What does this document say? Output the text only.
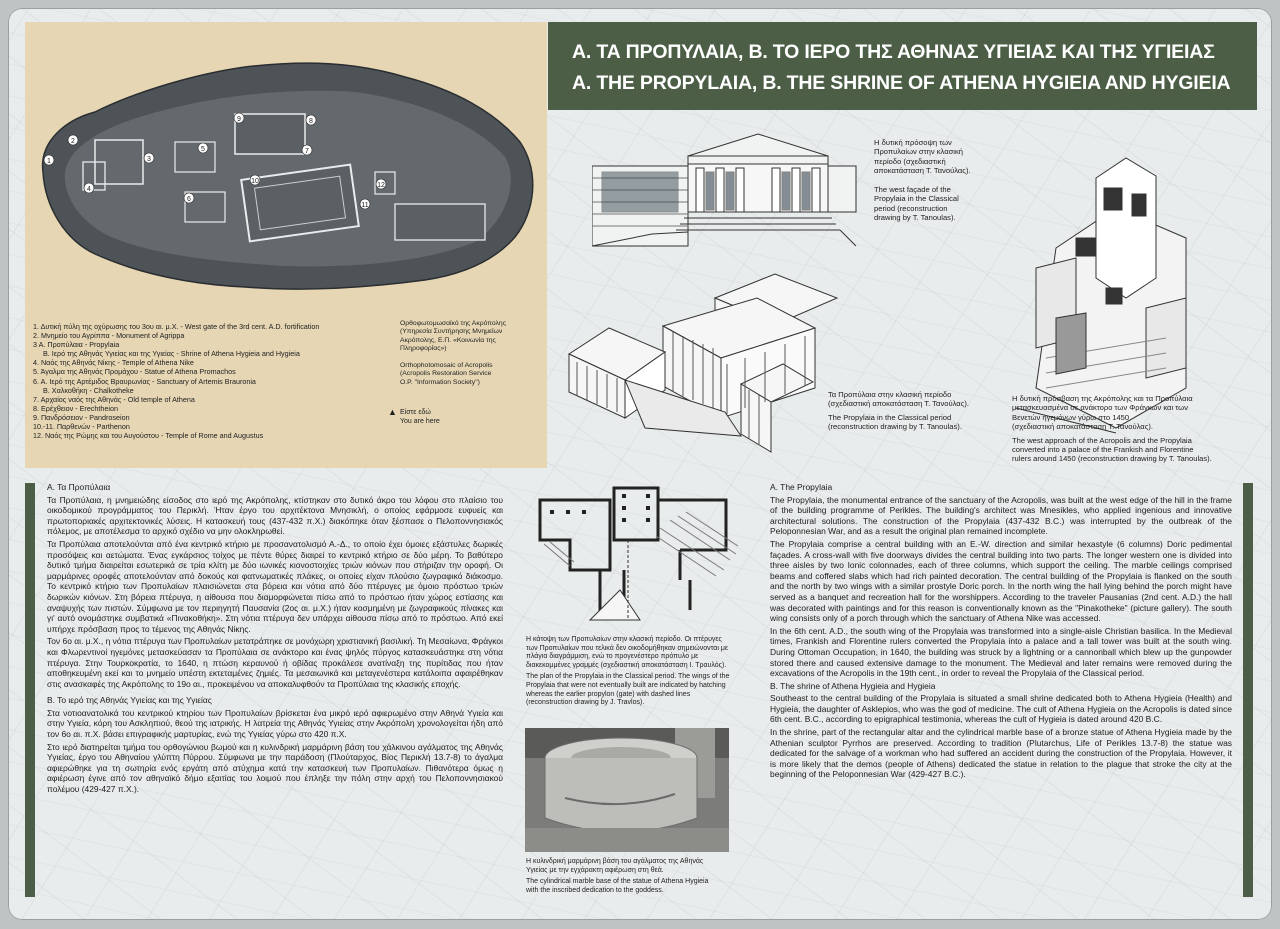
1
2
3
4
5
6
7
8
9
10
11
12
1. Δυτική πύλη της οχύρωσης του 3ου αι. μ.Χ. - West gate of the 3rd cent. A.D. fortification
2. Μνημείο του Αγρίππα - Monument of Agrippa
3 Α. Προπύλαια - Propylaia
Β. Ιερό της Αθηνάς Υγιείας και της Υγιείας - Shrine of Athena Hygieia and Hygieia
4. Ναός της Αθηνάς Νίκης - Temple of Athena Nike
5. Άγαλμα της Αθηνάς Προμάχου - Statue of Athena Promachos
6. Α. Ιερό της Αρτέμιδος Βραυρωνίας - Sanctuary of Artemis Brauronia
Β. Χαλκοθήκη - Chalkotheke
7. Αρχαίος ναός της Αθηνάς - Old temple of Athena
8. Ερέχθειον - Erechtheion
9. Πανδρόσειον - Pandroseion
10.-11. Παρθενών - Parthenon
12. Ναός της Ρώμης και του Αυγούστου - Temple of Rome and Augustus
Ορθοφωτομωσαϊκό της Ακρόπολης
(Υπηρεσία Συντήρησης Μνημείων
Ακρόπολης, Ε.Π. «Κοινωνία της
Πληροφορίας»)

Orthophotomosaic of Acropolis
(Acropolis Restoration Service
O.P. "Information Society")
▲ Είστε εδώ
You are here
Α. ΤΑ ΠΡΟΠΥΛΑΙΑ, Β. ΤΟ ΙΕΡΟ ΤΗΣ ΑΘΗΝΑΣ ΥΓΙΕΙΑΣ ΚΑΙ ΤΗΣ ΥΓΙΕΙΑΣ
A. THE PROPYLAIA, B. THE SHRINE OF ATHENA HYGIEIA AND HYGIEIA
Η δυτική πρόσοψη των
Προπυλαίων στην κλασική
περίοδο (σχεδιαστική
αποκατάσταση Τ. Τανούλας).

The west façade of the
Propylaia in the Classical
period (reconstruction
drawing by T. Tanoulas).
Τα Προπύλαια στην κλασική περίοδο
(σχεδιαστική αποκατάσταση Τ. Τανούλας).
The Propylaia in the Classical period
(reconstruction drawing by T. Tanoulas).
Η δυτική πρόσβαση της Ακρόπολης και τα Προπύλαια
μετασκευασμένα σε ανάκτορο των Φράγκων και των
Βενετών ηγεμόνων γύρω στο 1450
(σχεδιαστική αποκατάσταση Τ. Τανούλας).
The west approach of the Acropolis and the Propylaia
converted into a palace of the Frankish and Florentine
rulers around 1450 (reconstruction drawing by T. Tanoulas).

Α. Τα Προπύλαια

Τα Προπύλαια, η μνημειώδης είσοδος στο ιερό της Ακρόπολης, κτίστηκαν στο δυτικό άκρο του λόφου στο πλαίσιο του οικοδομικού προγράμματος του Περικλή. Ήταν έργο του αρχιτέκτονα Μνησικλή, ο οποίος εφάρμοσε ευφυείς και πρωτοποριακές αρχιτεκτονικές λύσεις. Η κατασκευή τους (437-432 π.Χ.) διακόπηκε όταν ξέσπασε ο Πελοποννησιακός πόλεμος, με αποτέλεσμα το αρχικό σχέδιο να μην ολοκληρωθεί.

Τα Προπύλαια αποτελούνται από ένα κεντρικό κτήριο με προσανατολισμό Α.-Δ., το οποίο έχει όμοιες εξάστυλες δωρικές προσόψεις και αετώματα. Ένας εγκάρσιος τοίχος με πέντε θύρες διαιρεί το κεντρικό κτήριο σε δύο μέρη. Το βαθύτερο δυτικό τμήμα διαιρείται εσωτερικά σε τρία κλίτη με δύο ιωνικές κιονοστοιχίες τριών κιόνων που στήριζαν την οροφή. Οι μαρμάρινες οροφές αποτελούνταν από δοκούς και φατνωματικές πλάκες, οι οποίες είχαν πλούσιο ζωγραφικό διάκοσμο. Το κεντρικό κτήριο των Προπυλαίων πλαισιώνεται στα βόρεια και νότια από δύο πτέρυγες με όμοιο πρόστωο τριών δωρικών κιόνων. Στη βόρεια πτέρυγα, η αίθουσα που διαμορφώνεται πίσω από το πρόστωο ήταν χώρος εστίασης και αναψυχής των πιστών. Σύμφωνα με τον περιηγητή Παυσανία (2ος αι. μ.Χ.) ήταν κοσμημένη με ζωγραφικούς πίνακες και γι' αυτό ονομάστηκε συμβατικά «Πινακοθήκη». Στη νότια πτέρυγα δεν υπάρχει αίθουσα πίσω από το πρόστωο. Από εκεί υπήρχε πρόσβαση προς το τέμενος της Αθηνάς Νίκης.

Τον 6ο αι. μ.Χ., η νότια πτέρυγα των Προπυλαίων μετατράπηκε σε μονόχωρη χριστιανική βασιλική. Τη Μεσαίωνα, Φράγκοι και Φλωρεντινοί ηγεμόνες μετασκεύασαν τα Προπύλαια σε ανάκτορο και ένας ψηλός πύργος κατασκευάστηκε στη νότια πτέρυγα. Στην Τουρκοκρατία, το 1640, η πτώση κεραυνού ή οβίδας προκάλεσε ανατίναξη της πυρίτιδας που ήταν αποθηκευμένη εκεί και το μνημείο υπέστη εκτεταμένες ζημιές. Τα μεσαιωνικά και μεταγενέστερα κατάλοιπα αφαιρέθηκαν στις ανασκαφές της Ακρόπολης το 19ο αι., προκειμένου να αποκαλυφθούν τα Προπύλαια της κλασικής εποχής.

Β. Το ιερό της Αθηνάς Υγιείας και της Υγιείας

Στα νοτιοανατολικά του κεντρικού κτηρίου των Προπυλαίων βρίσκεται ένα μικρό ιερό αφιερωμένο στην Αθηνά Υγιεία και στην Υγιεία, κόρη του Ασκληπιού, θεού της ιατρικής. Η λατρεία της Αθηνάς Υγιείας στην Ακρόπολη χρονολογείται ήδη από τον 6ο αι. π.Χ. βάσει επιγραφικής μαρτυρίας, ενώ της Υγιείας γύρω στο 420 π.Χ.

Στο ιερό διατηρείται τμήμα του ορθογώνιου βωμού και η κυλινδρική μαρμάρινη βάση του χάλκινου αγάλματος της Αθηνάς Υγιείας, έργο του Αθηναίου γλύπτη Πύρρου. Σύμφωνα με την παράδοση (Πλούταρχος, Βίος Περικλή 13.7-8) το άγαλμα αφιερώθηκε για τη σωτηρία ενός εργάτη από ατύχημα κατά την κατασκευή των Προπυλαίων. Πιθανότερα όμως η αφιέρωση έγινε από τον αθηναϊκό δήμο εξαιτίας του λοιμού που έπληξε την πόλη στην αρχή του Πελοποννησιακού πολέμου (429-427 π.Χ.).

Η κάτοψη των Προπυλαίων στην κλασική περίοδο. Οι πτέρυγες
των Προπυλαίων που τελικά δεν οικοδομήθηκαν σημειώνονται με
πλάγια διαγράμμιση, ενώ το προγενέστερο πρόπυλο με
διακεκομμένες γραμμές (σχεδιαστική αποκατάσταση Ι. Τραυλός).
The plan of the Propylaia in the Classical period. The wings of the
Propylaia that were not eventually built are indicated by hatching
whereas the earlier propylon (gate) with dashed lines
(reconstruction drawing by J. Travlos).
Η κυλινδρική μαρμάρινη βάση του αγάλματος της Αθηνάς
Υγιείας με την εγχάρακτη αφιέρωση στη θεά.
The cylindrical marble base of the statue of Athena Hygieia
with the inscribed dedication to the goddess.

A. The Propylaia

The Propylaia, the monumental entrance of the sanctuary of the Acropolis, was built at the west edge of the hill in the frame of the building programme of Perikles. The building's architect was Mnesikles, who applied ingenious and innovative architectural solutions. The construction of the Propylaia (437-432 B.C.) was interrupted by the outbreak of the Peloponnesian War, and as a result the original plan remained incomplete.

The Propylaia comprise a central building with an E.-W. direction and similar hexastyle (6 columns) Doric pedimental façades. A cross-wall with five doorways divides the central building into two parts. The longer western one is divided into three aisles by two Ionic colonnades, each of three columns, which support the ceiling. The marble ceilings comprised beams and coffered slabs which had rich painted decoration. The central building of the Propylaia is flanked on the south and the north by two wings with a similar prostyle Doric porch. In the north wing the hall lying behind the porch might have served as a banquet and recreation hall for the worshippers. According to the traveler Pausanias (2nd cent. A.D.) the hall was decorated with paintings and for this reason is conventionally known as the "Pinakotheke" (picture gallery). The south wing consists only of a porch through which the sanctuary of Athena Nike was accessed.

In the 6th cent. A.D., the south wing of the Propylaia was transformed into a single-aisle Christian basilica. In the Medieval times, Frankish and Florentine rulers converted the Propylaia into a palace and a tall tower was built at the south wing. During Ottoman Occupation, in 1640, the building was struck by a lightning or a cannonball which blew up the gunpowder stored there and caused extensive damage to the monument. The Medieval and later remains were removed during the excavations of the Acropolis in the 19th cent., in order to reveal the Propylaia of the Classical period.

B. The shrine of Athena Hygieia and Hygieia

Southeast to the central building of the Propylaia is situated a small shrine dedicated both to Athena Hygieia (Health) and Hygieia, the daughter of Asklepios, who was the god of medicine. The cult of Athena Hygieia on the Acropolis is dated since 6th cent. B.C., according to epigraphical testimonia, whereas the cult of Hygieia is dated around 420 B.C.

In the shrine, part of the rectangular altar and the cylindrical marble base of a bronze statue of Athena Hygieia made by the Athenian sculptor Pyrrhos are preserved. According to tradition (Plutarchus, Life of Perikles 13.7-8) the statue was dedicated for the salvage of a workman who had suffered an accident during the construction of the Propylaia. However, it is more likely that the demos (people of Athens) dedicated the statue in relation to the plague that stroke the city at the beginning of the Peloponnesian War (429-427 B.C.).
